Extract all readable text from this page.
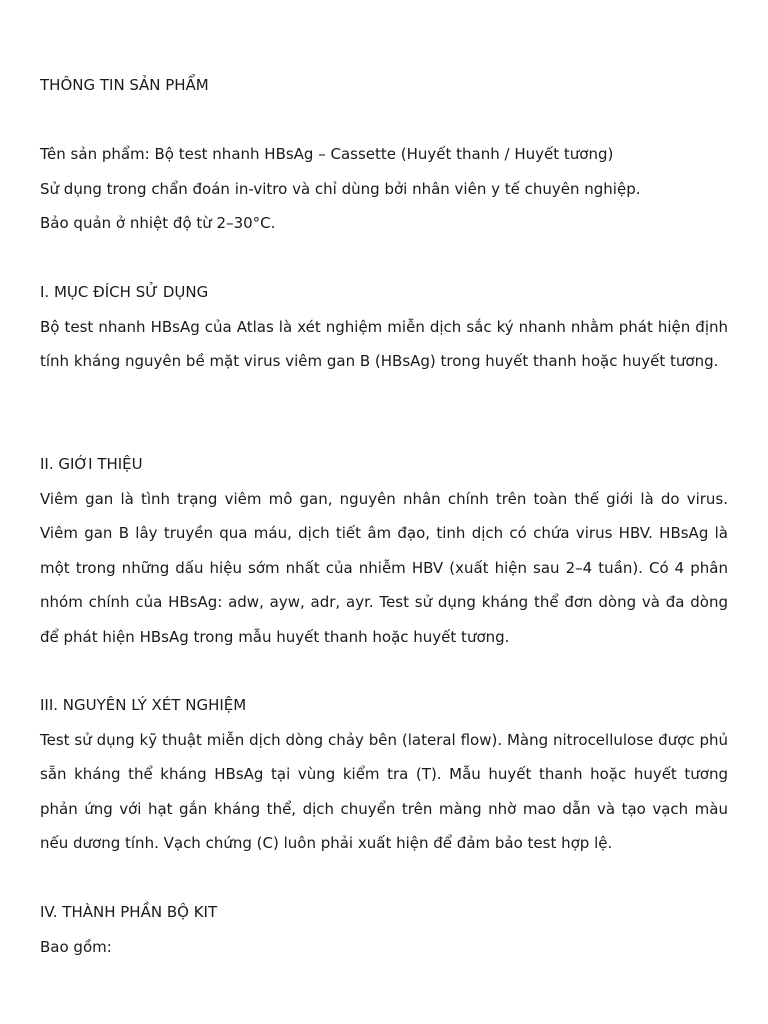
THÔNG TIN SẢN PHẨM
Tên sản phẩm: Bộ test nhanh HBsAg – Cassette (Huyết thanh / Huyết tương)
Sử dụng trong chẩn đoán in-vitro và chỉ dùng bởi nhân viên y tế chuyên nghiệp.
Bảo quản ở nhiệt độ từ 2–30°C.
I. MỤC ĐÍCH SỬ DỤNG
Bộ test nhanh HBsAg của Atlas là xét nghiệm miễn dịch sắc ký nhanh nhằm phát hiện định tính kháng nguyên bề mặt virus viêm gan B (HBsAg) trong huyết thanh hoặc huyết tương.
II. GIỚI THIỆU
Viêm gan là tình trạng viêm mô gan, nguyên nhân chính trên toàn thế giới là do virus. Viêm gan B lây truyền qua máu, dịch tiết âm đạo, tinh dịch có chứa virus HBV. HBsAg là một trong những dấu hiệu sớm nhất của nhiễm HBV (xuất hiện sau 2–4 tuần). Có 4 phân nhóm chính của HBsAg: adw, ayw, adr, ayr. Test sử dụng kháng thể đơn dòng và đa dòng để phát hiện HBsAg trong mẫu huyết thanh hoặc huyết tương.
III. NGUYÊN LÝ XÉT NGHIỆM
Test sử dụng kỹ thuật miễn dịch dòng chảy bên (lateral flow). Màng nitrocellulose được phủ sẵn kháng thể kháng HBsAg tại vùng kiểm tra (T). Mẫu huyết thanh hoặc huyết tương phản ứng với hạt gắn kháng thể, dịch chuyển trên màng nhờ mao dẫn và tạo vạch màu nếu dương tính. Vạch chứng (C) luôn phải xuất hiện để đảm bảo test hợp lệ.
IV. THÀNH PHẦN BỘ KIT
Bao gồm:
